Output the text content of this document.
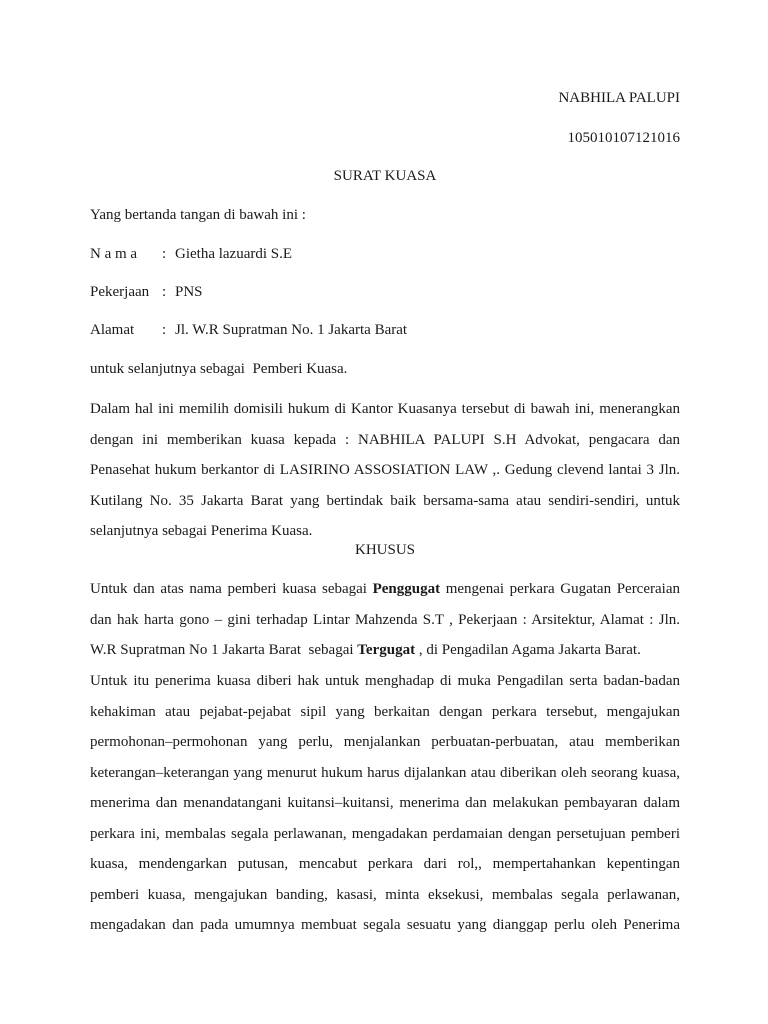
NABHILA PALUPI
105010107121016
SURAT KUASA
Yang bertanda tangan di bawah ini :
N a m a : Gietha lazuardi S.E
Pekerjaan : PNS
Alamat : Jl. W.R Supratman No. 1 Jakarta Barat
untuk selanjutnya sebagai  Pemberi Kuasa.
Dalam hal ini memilih domisili hukum di Kantor Kuasanya tersebut di bawah ini, menerangkan
dengan ini memberikan kuasa kepada : NABHILA PALUPI S.H Advokat, pengacara dan
Penasehat hukum berkantor di LASIRINO ASSOSIATION LAW ,. Gedung clevend lantai 3 Jln.
Kutilang No. 35 Jakarta Barat yang bertindak baik bersama-sama atau sendiri-sendiri, untuk
selanjutnya sebagai Penerima Kuasa.
KHUSUS
Untuk dan atas nama pemberi kuasa sebagai Penggugat mengenai perkara Gugatan Perceraian
dan hak harta gono – gini terhadap Lintar Mahzenda S.T , Pekerjaan : Arsitektur, Alamat : Jln.
W.R Supratman No 1 Jakarta Barat  sebagai Tergugat , di Pengadilan Agama Jakarta Barat.
Untuk itu penerima kuasa diberi hak untuk menghadap di muka Pengadilan serta badan-badan
kehakiman atau pejabat-pejabat sipil yang berkaitan dengan perkara tersebut, mengajukan
permohonan–permohonan yang perlu, menjalankan perbuatan-perbuatan, atau memberikan
keterangan–keterangan yang menurut hukum harus dijalankan atau diberikan oleh seorang kuasa,
menerima dan menandatangani kuitansi–kuitansi, menerima dan melakukan pembayaran dalam
perkara ini, membalas segala perlawanan, mengadakan perdamaian dengan persetujuan pemberi
kuasa, mendengarkan putusan, mencabut perkara dari rol,, mempertahankan kepentingan
pemberi kuasa, mengajukan banding, kasasi, minta eksekusi, membalas segala perlawanan,
mengadakan dan pada umumnya membuat segala sesuatu yang dianggap perlu oleh Penerima
